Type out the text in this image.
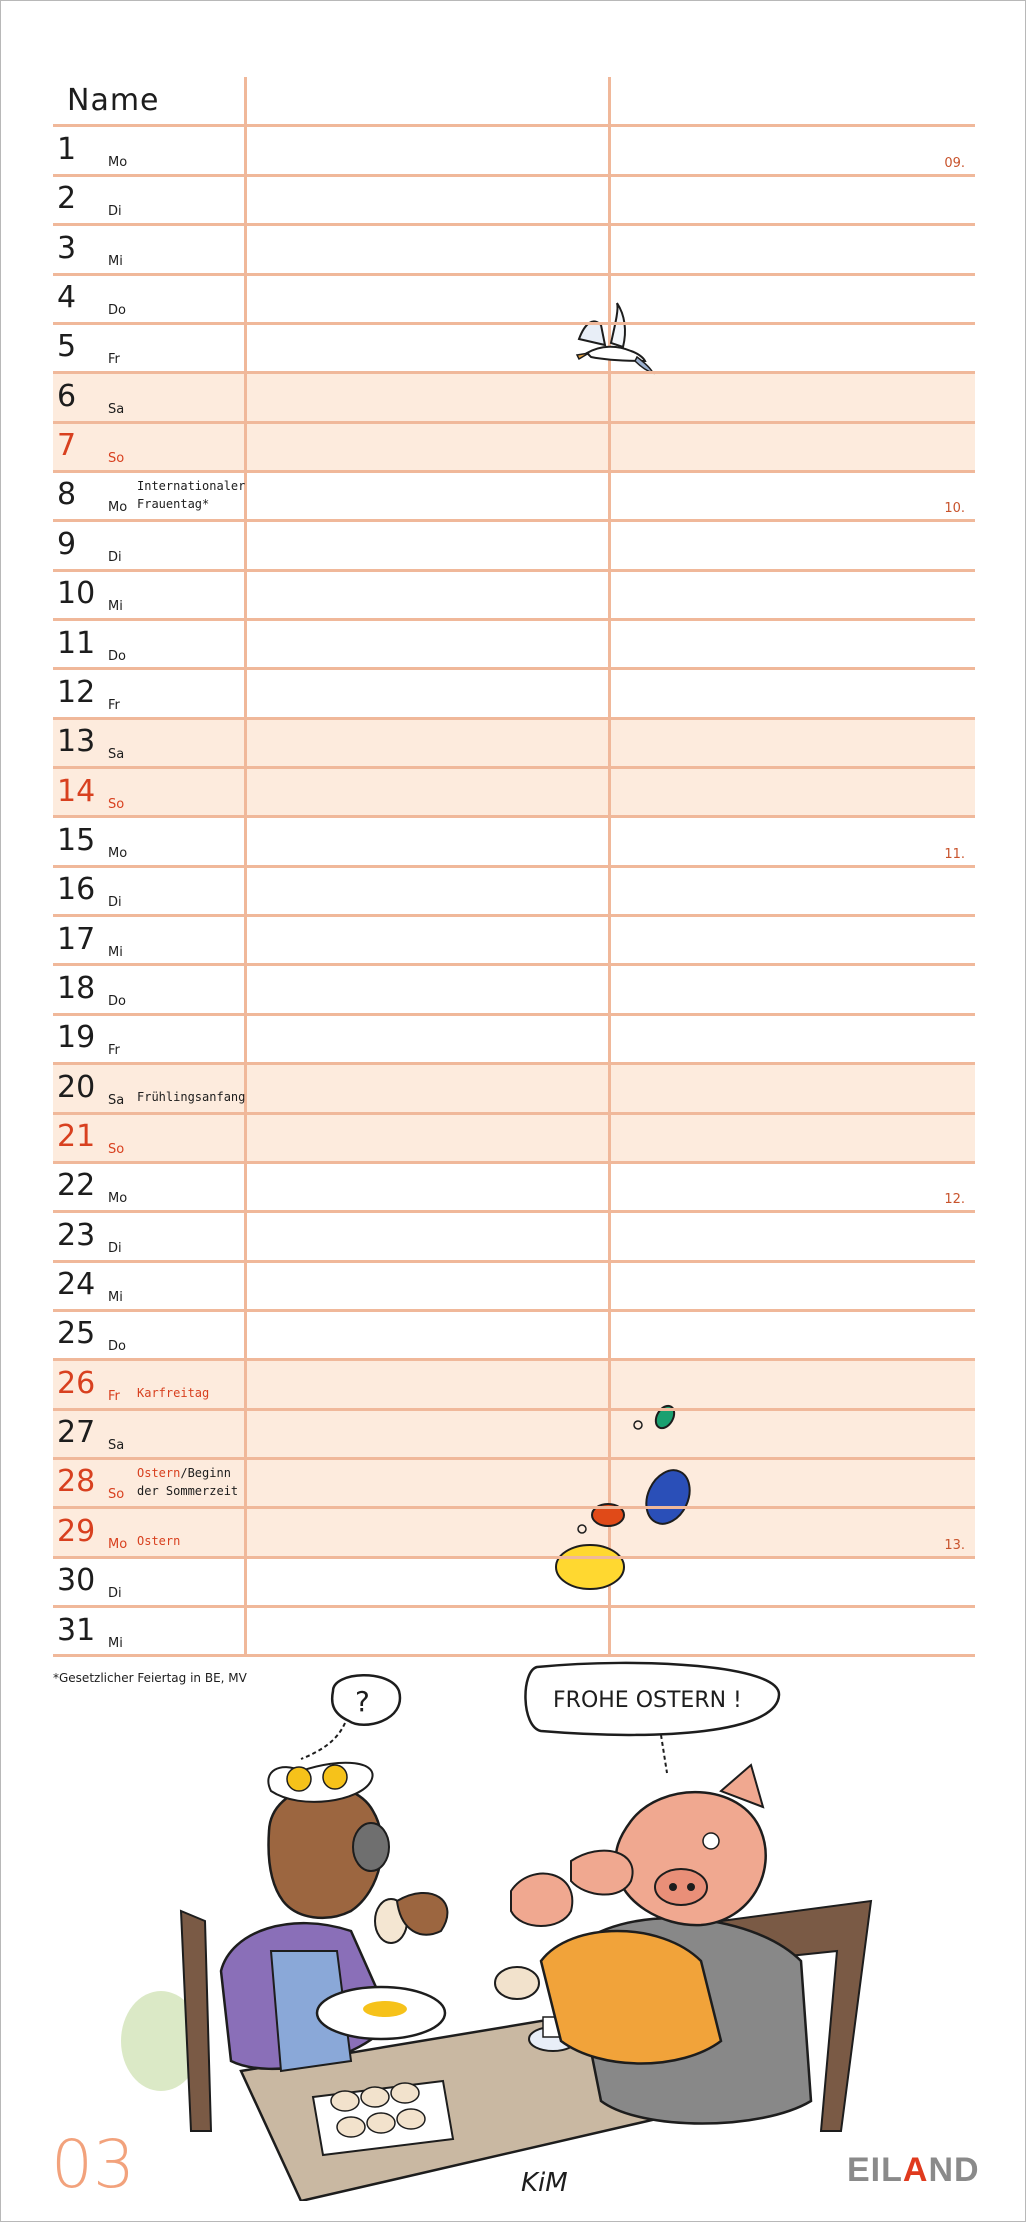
Name
*Gesetzlicher Feiertag in BE, MV
?	FROHE OSTERN !
KiM
03	EILAND
1 Mo	09.
2 Di
3 Mi
4 Do
5 Fr
6 Sa
7 So
8 Mo
Internationaler
Frauentag*	10.
9 Di
10 Mi
11 Do
12 Fr
13 Sa
14 So
15 Mo	11.
16 Di
17 Mi
18 Do
19 Fr
20 Sa Frühlingsanfang
21 So
22 Mo	12.
23 Di
24 Mi
25 Do
26 Fr Karfreitag
27 Sa
28 So
Ostern/Beginn
der Sommerzeit
29 Mo Ostern	13.
30 Di
31 Mi
